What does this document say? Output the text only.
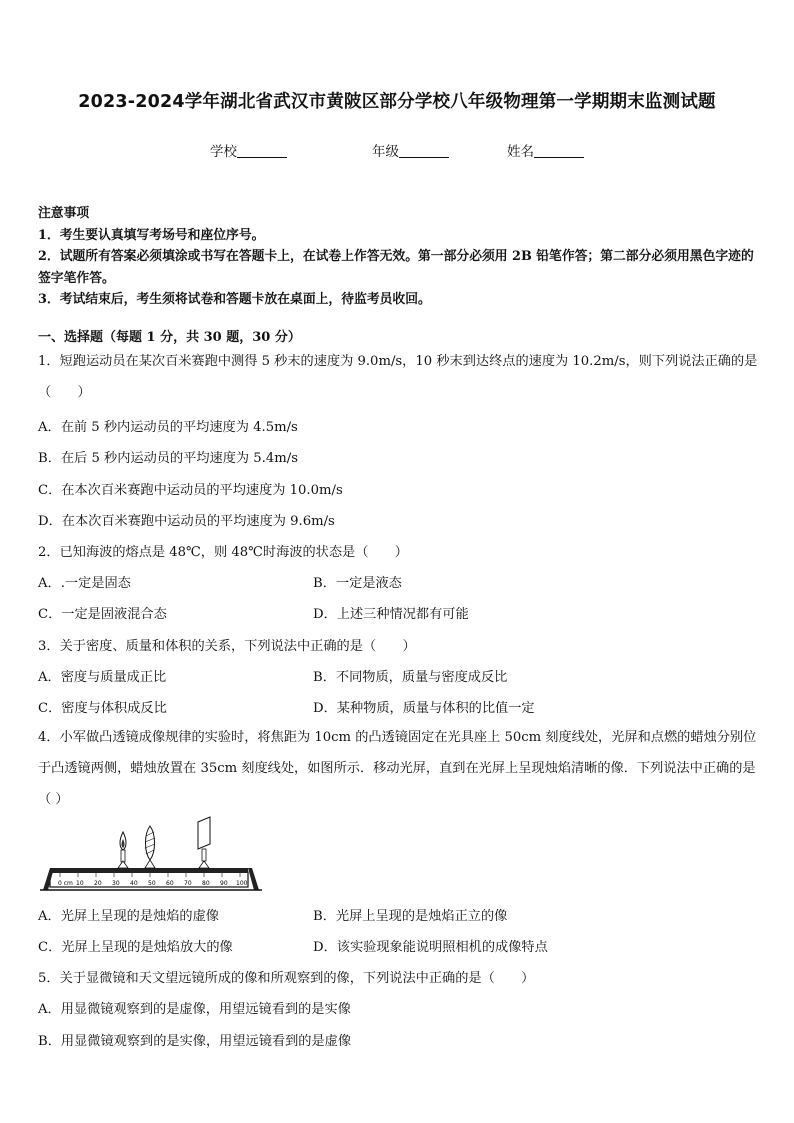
2023-2024学年湖北省武汉市黄陂区部分学校八年级物理第一学期期末监测试题
学校	年级	姓名
注意事项
1．考生要认真填写考场号和座位序号。
2．试题所有答案必须填涂或书写在答题卡上，在试卷上作答无效。第一部分必须用 2B 铅笔作答；第二部分必须用黑色字迹的签字笔作答。
3．考试结束后，考生须将试卷和答题卡放在桌面上，待监考员收回。
一、选择题（每题 1 分，共 30 题，30 分）
1．短跑运动员在某次百米赛跑中测得 5 秒末的速度为 9.0m/s，10 秒末到达终点的速度为 10.2m/s，则下列说法正确的是（　　）
A．在前 5 秒内运动员的平均速度为 4.5m/s
B．在后 5 秒内运动员的平均速度为 5.4m/s
C．在本次百米赛跑中运动员的平均速度为 10.0m/s
D．在本次百米赛跑中运动员的平均速度为 9.6m/s
2．已知海波的熔点是 48℃，则 48℃时海波的状态是（　　）
A．.一定是固态	B．一定是液态
C．一定是固液混合态	D．上述三种情况都有可能
3．关于密度、质量和体积的关系，下列说法中正确的是（　　）
A．密度与质量成正比	B．不同物质，质量与密度成反比
C．密度与体积成反比	D．某种物质，质量与体积的比值一定
4．小军做凸透镜成像规律的实验时，将焦距为 10cm 的凸透镜固定在光具座上 50cm 刻度线处，光屏和点燃的蜡烛分别位于凸透镜两侧，蜡烛放置在 35cm 刻度线处，如图所示．移动光屏，直到在光屏上呈现烛焰清晰的像．下列说法中正确的是（ ）
0 cm 10 20 30 40 50 60 70 80 90 100
A．光屏上呈现的是烛焰的虚像	B．光屏上呈现的是烛焰正立的像
C．光屏上呈现的是烛焰放大的像	D．该实验现象能说明照相机的成像特点
5．关于显微镜和天文望远镜所成的像和所观察到的像，下列说法中正确的是（　　）
A．用显微镜观察到的是虚像，用望远镜看到的是实像
B．用显微镜观察到的是实像，用望远镜看到的是虚像
